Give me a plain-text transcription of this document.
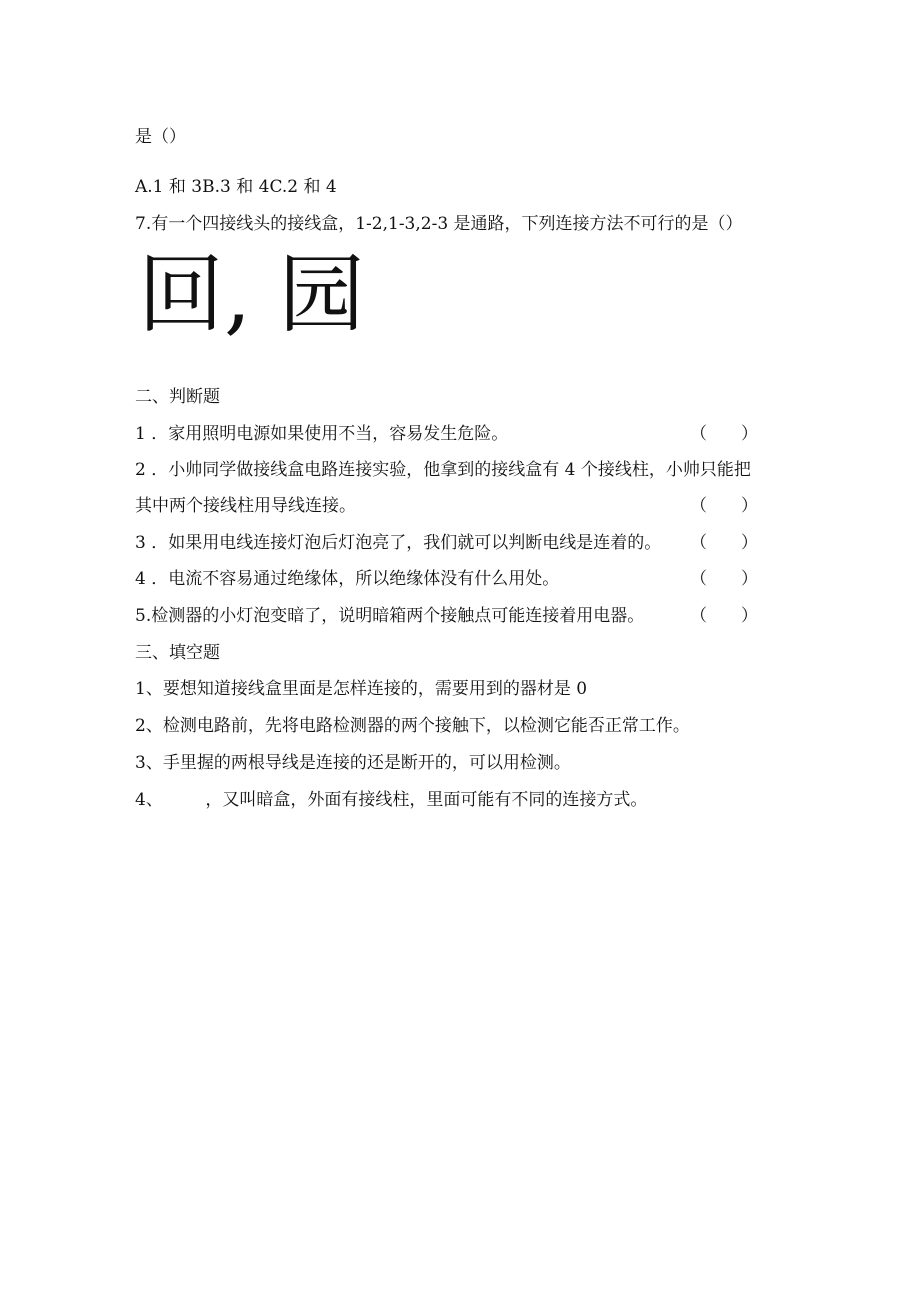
是（）
A.1 和 3B.3 和 4C.2 和 4
7.有一个四接线头的接线盒，1-2,1-3,2-3 是通路，下列连接方法不可行的是（）
回, 园
二、判断题
1 ．家用照明电源如果使用不当，容易发生危险。	（　　）
2 ．小帅同学做接线盒电路连接实验，他拿到的接线盒有 4 个接线柱，小帅只能把
其中两个接线柱用导线连接。	（　　）
3 ．如果用电线连接灯泡后灯泡亮了，我们就可以判断电线是连着的。 （　　）
4 ．电流不容易通过绝缘体，所以绝缘体没有什么用处。	（　　）
5.检测器的小灯泡变暗了，说明暗箱两个接触点可能连接着用电器。	（　　）
三、填空题
1、要想知道接线盒里面是怎样连接的，需要用到的器材是 0
2、检测电路前，先将电路检测器的两个接触下，以检测它能否正常工作。
3、手里握的两根导线是连接的还是断开的，可以用检测。
4、　　　，又叫暗盒，外面有接线柱，里面可能有不同的连接方式。
